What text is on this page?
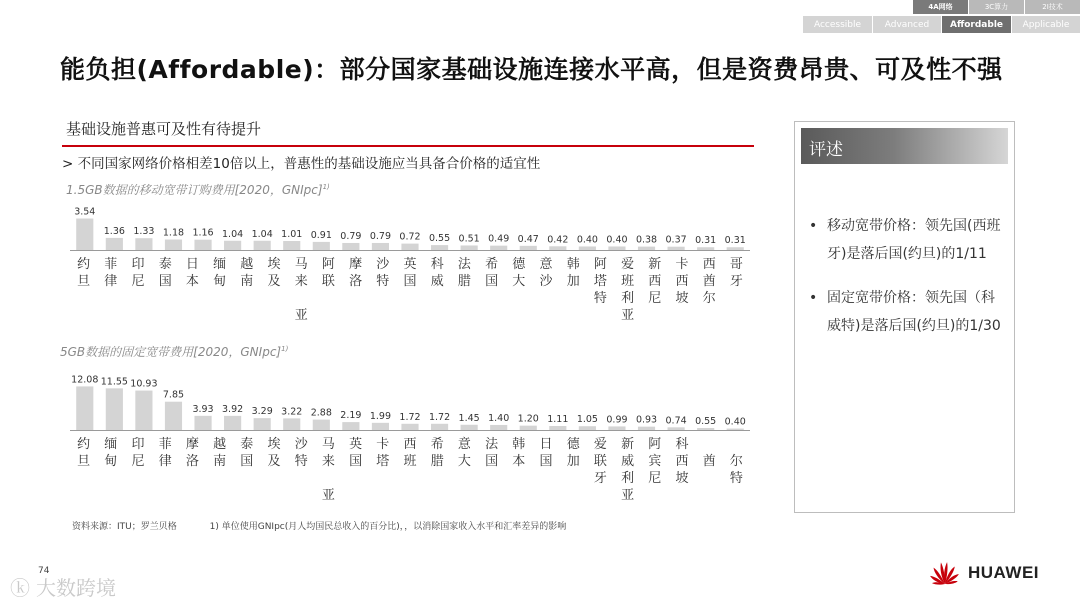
4A网络	3C算力	2I技术
Accessible	Advanced	Affordable	Applicable
能负担(Affordable)：部分国家基础设施连接水平高，但是资费昂贵、可及性不强
基础设施普惠可及性有待提升
> 不同国家网络价格相差10倍以上，普惠性的基础设施应当具备合价格的适宜性
1.5GB数据的移动宽带订购费用[2020，GNIpc]$^{1)}$
3.54
1.36 1.33 1.18 1.16 1.04 1.04 1.01 0.91 0.79 0.79 0.72 0.55 0.51 0.49 0.47 0.42 0.40 0.40 0.38 0.37 0.31 0.31
约旦
菲律
印尼
泰国
日本
缅甸
越南
埃及
马来亚
阿联
摩洛
沙特
英国
科威
法腊
希国
德大
意沙
韩加
阿塔特
爱班利亚
新西尼
卡西坡
西酋尔
哥牙
5GB数据的固定宽带费用[2020，GNIpc]$^{1)}$
12.08 11.55 10.93
7.85
3.93 3.92 3.29 3.22 2.88 2.19 1.99 1.72 1.72 1.45 1.40 1.20 1.11 1.05 0.99 0.93 0.74 0.55 0.40
约旦
缅甸
印尼
菲律
摩洛
越南
泰国
埃及
沙特
马来亚
英国
卡塔
西班
希腊
意大
法国
韩本
日国
德加
爱联牙
新威利亚
阿宾尼
科西坡
酋 尔特
资料来源：ITU；罗兰贝格	1) 单位使用GNIpc(月人均国民总收入的百分比)，，以消除国家收入水平和汇率差异的影响
评述
• 移动宽带价格：领先国(西班牙)是落后国(约旦)的1/11
• 固定宽带价格：领先国（科威特)是落后国(约旦)的1/30
74
ⓚ 大数跨境
HUAWEI
